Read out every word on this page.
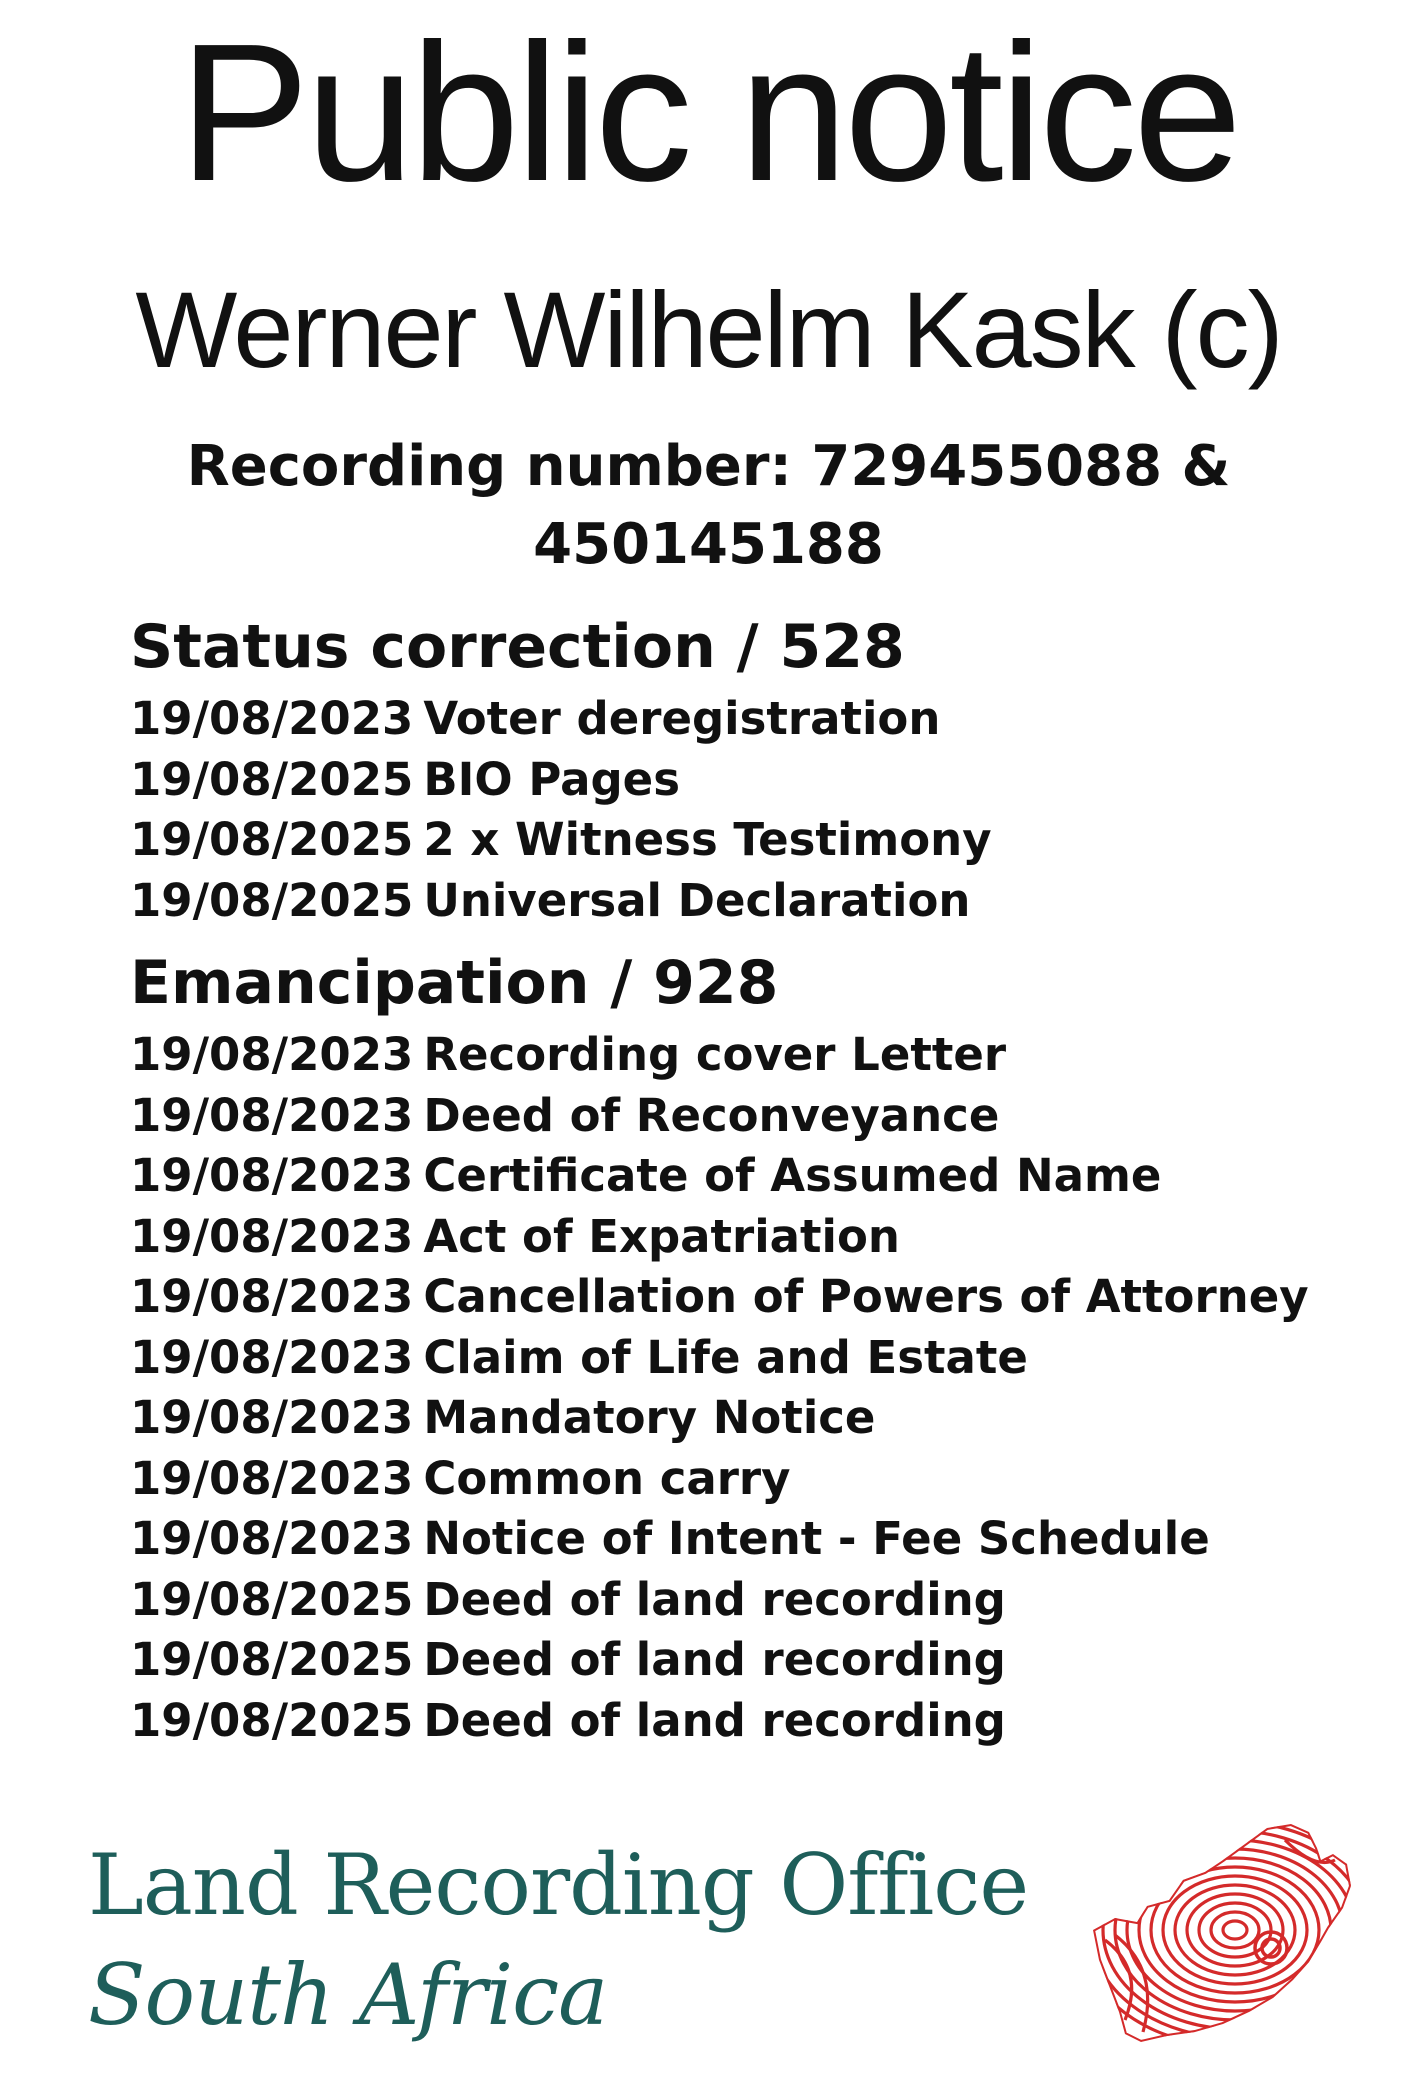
Public notice
Werner Wilhelm Kask (c)
Recording number: 729455088 &
450145188
Status correction / 528
19/08/2023 Voter deregistration
19/08/2025 BIO Pages
19/08/2025 2 x Witness Testimony
19/08/2025 Universal Declaration
Emancipation / 928
19/08/2023 Recording cover Letter
19/08/2023 Deed of Reconveyance
19/08/2023 Certificate of Assumed Name
19/08/2023 Act of Expatriation
19/08/2023 Cancellation of Powers of Attorney
19/08/2023 Claim of Life and Estate
19/08/2023 Mandatory Notice
19/08/2023 Common carry
19/08/2023 Notice of Intent - Fee Schedule
19/08/2025 Deed of land recording
19/08/2025 Deed of land recording
19/08/2025 Deed of land recording
Land Recording Office
South Africa
